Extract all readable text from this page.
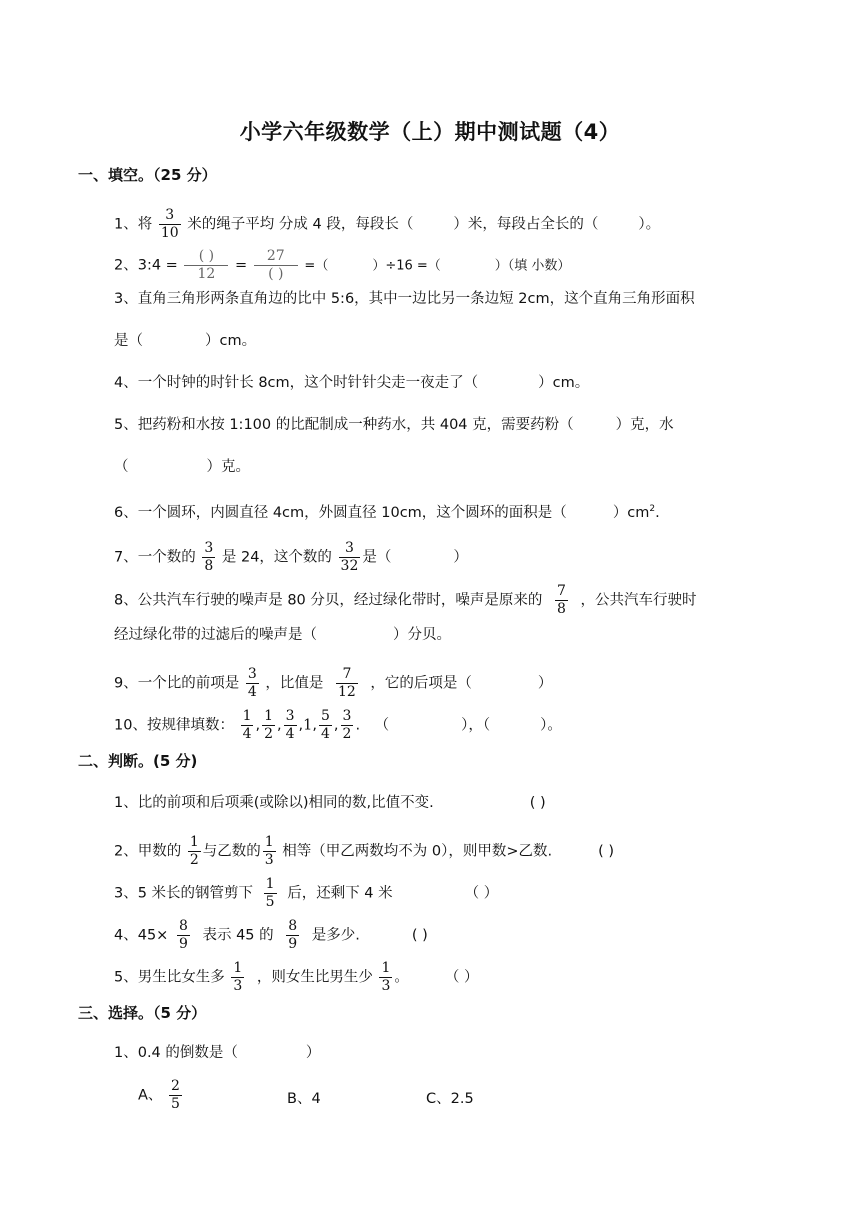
小学六年级数学（上）期中测试题（4）
一、填空。（25 分）
1、将 $\frac{3}{10}$ 米的绳子平均 分成 4 段，每段长（	）米，每段占全长的（	）。
2、3:4 = $\frac{( )}{12} = \frac{27}{( )}$ =（	）÷16 =（	）（填 小数）
3、直角三角形两条直角边的比中 5:6，其中一边比另一条边短 2cm，这个直角三角形面积
是（	）cm。
4、一个时钟的时针长 8cm，这个时针针尖走一夜走了（	）cm。
5、把药粉和水按 1:100 的比配制成一种药水，共 404 克，需要药粉（	）克，水
（	）克。
6、一个圆环，内圆直径 4cm，外圆直径 10cm，这个圆环的面积是（	）$cm^2$.
7、一个数的 $\frac{3}{8}$ 是 24，这个数的 $\frac{3}{32}$ 是（	）
8、公共汽车行驶的噪声是 80 分贝，经过绿化带时，噪声是原来的 $\frac{7}{8}$ ，公共汽车行驶时
经过绿化带的过滤后的噪声是（	）分贝。
9、一个比的前项是 $\frac{3}{4}$ ，比值是 $\frac{7}{12}$ ，它的后项是（	）
10、按规律填数： $\frac{1}{4}$ , $\frac{1}{2}$ , $\frac{3}{4} ,1$, $\frac{5}{4}$ , $\frac{3}{2}$ . （	），（	）。
二、判断。(5 分)
1、比的前项和后项乘(或除以)相同的数,比值不变.	( )
2、甲数的 $\frac{1}{2}$ 与乙数的 $\frac{1}{3}$ 相等（甲乙两数均不为 0），则甲数>乙数.	( )
3、5 米长的钢管剪下 $\frac{1}{5}$ 后，还剩下 4 米	（ ）
4、$45\times \frac{8}{9}$ 表示 45 的 $\frac{8}{9}$ 是多少.	( )
5、男生比女生多 $\frac{1}{3}$ ，则女生比男生少 $\frac{1}{3}$ 。 （ ）
三、选择。（5 分）
1、0.4 的倒数是（	）
A、 $\frac{2}{5}$	B、4	C、2.5
